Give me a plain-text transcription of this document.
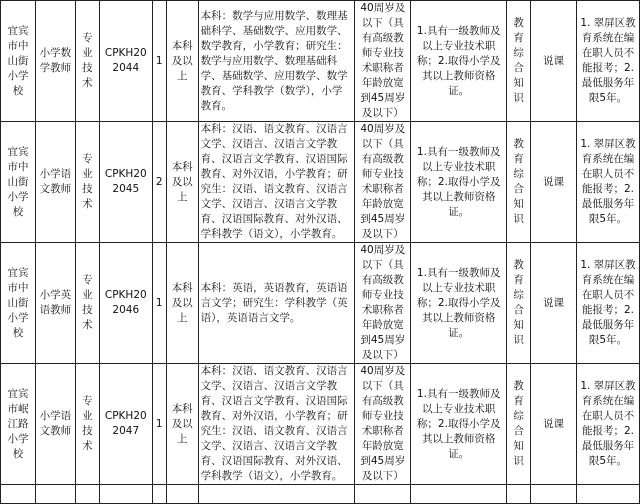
宜宾市中山街小学校	小学数学教师	专业技术	CPKH202044	1	本科及以上	本科：数学与应用数学、数理基础科学、基础数学、应用数学、数学教育，小学教育；研究生：数学与应用数学、数理基础科学、基础数学、应用数学、数学教育、学科教学（数学），小学教育。	40周岁及以下（具有高级教师专业技术职称者年龄放宽到45周岁及以下）	1.具有一级教师及以上专业技术职称；2.取得小学及其以上教师资格证。	教育综合知识	说课	1. 翠屏区教育系统在编在职人员不能报考；2.最低服务年限5年。
宜宾市中山街小学校	小学语文教师	专业技术	CPKH202045	2	本科及以上	本科：汉语、语文教育、汉语言文学、汉语言、汉语言文学教育、汉语言文学教育、汉语国际教育、对外汉语，小学教育；研究生：汉语、语文教育、汉语言文学、汉语言、汉语言文学教育、汉语国际教育、对外汉语、学科教学（语文），小学教育。	40周岁及以下（具有高级教师专业技术职称者年龄放宽到45周岁及以下）	1.具有一级教师及以上专业技术职称；2.取得小学及其以上教师资格证。	教育综合知识	说课	1. 翠屏区教育系统在编在职人员不能报考；2.最低服务年限5年。
宜宾市中山街小学校	小学英语教师	专业技术	CPKH202046	1	本科及以上	本科：英语，英语教育，英语语言文学；研究生：学科教学（英语），英语语言文学。	40周岁及以下（具有高级教师专业技术职称者年龄放宽到45周岁及以下）	1.具有一级教师及以上专业技术职称；2.取得小学及其以上教师资格证。	教育综合知识	说课	1. 翠屏区教育系统在编在职人员不能报考；2.最低服务年限5年。
宜宾市岷江路小学校	小学语文教师	专业技术	CPKH202047	1	本科及以上	本科：汉语、语文教育、汉语言文学、汉语言、汉语言文学教育、汉语言文学教育、汉语国际教育、对外汉语，小学教育；研究生：汉语、语文教育、汉语言文学、汉语言、汉语言文学教育、汉语国际教育、对外汉语、学科教学（语文），小学教育。	40周岁及以下（具有高级教师专业技术职称者年龄放宽到45周岁及以下）	1.具有一级教师及以上专业技术职称；2.取得小学及其以上教师资格证。	教育综合知识	说课	1. 翠屏区教育系统在编在职人员不能报考；2.最低服务年限5年。
